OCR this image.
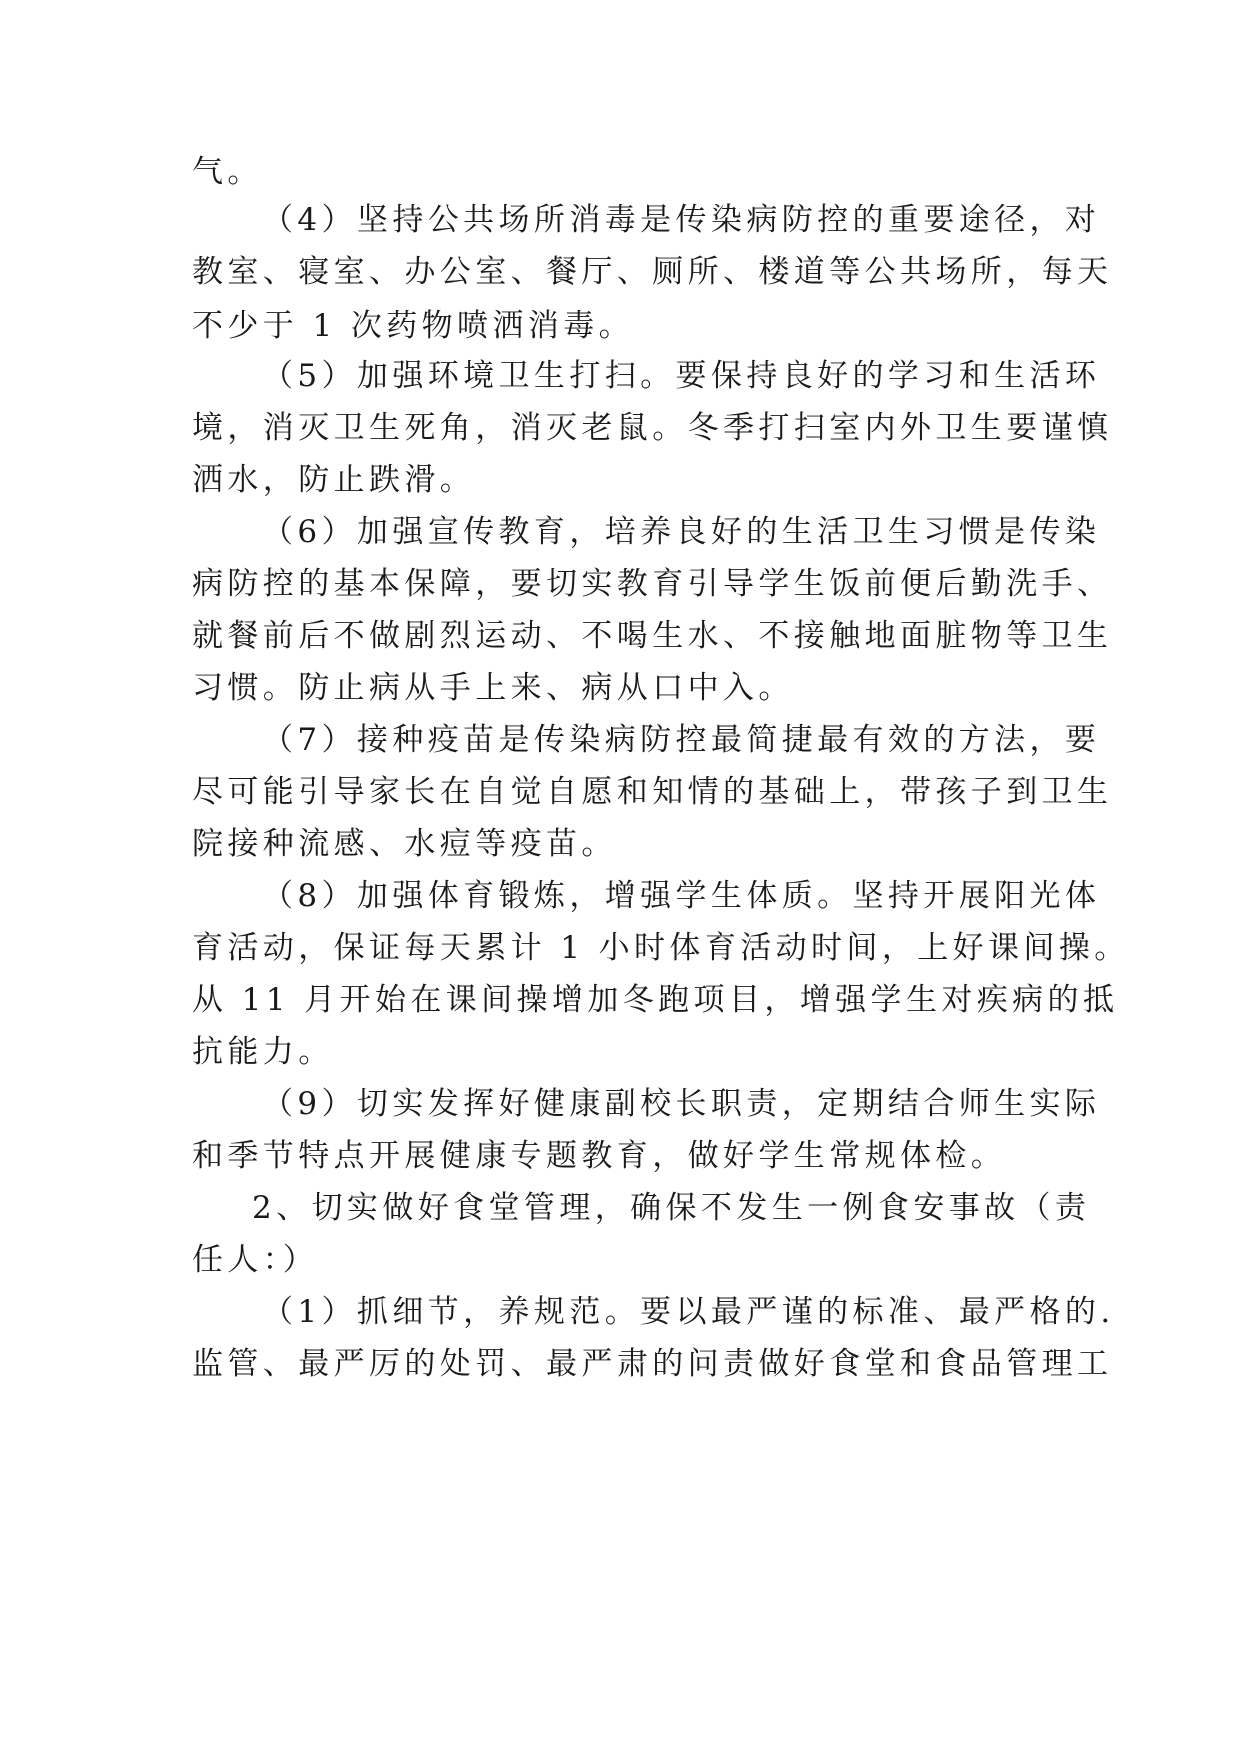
气。
（4）坚持公共场所消毒是传染病防控的重要途径，对
教室、寝室、办公室、餐厅、厕所、楼道等公共场所，每天
不少于 1 次药物喷洒消毒。
（5）加强环境卫生打扫。要保持良好的学习和生活环
境，消灭卫生死角，消灭老鼠。冬季打扫室内外卫生要谨慎
洒水，防止跌滑。
（6）加强宣传教育，培养良好的生活卫生习惯是传染
病防控的基本保障，要切实教育引导学生饭前便后勤洗手、
就餐前后不做剧烈运动、不喝生水、不接触地面脏物等卫生
习惯。防止病从手上来、病从口中入。
（7）接种疫苗是传染病防控最简捷最有效的方法，要
尽可能引导家长在自觉自愿和知情的基础上，带孩子到卫生
院接种流感、水痘等疫苗。
（8）加强体育锻炼，增强学生体质。坚持开展阳光体
育活动，保证每天累计 1 小时体育活动时间，上好课间操。
从 11 月开始在课间操增加冬跑项目，增强学生对疾病的抵
抗能力。
（9）切实发挥好健康副校长职责，定期结合师生实际
和季节特点开展健康专题教育，做好学生常规体检。
2、切实做好食堂管理，确保不发生一例食安事故（责
任人：）
（1）抓细节，养规范。要以最严谨的标准、最严格的.
监管、最严厉的处罚、最严肃的问责做好食堂和食品管理工
